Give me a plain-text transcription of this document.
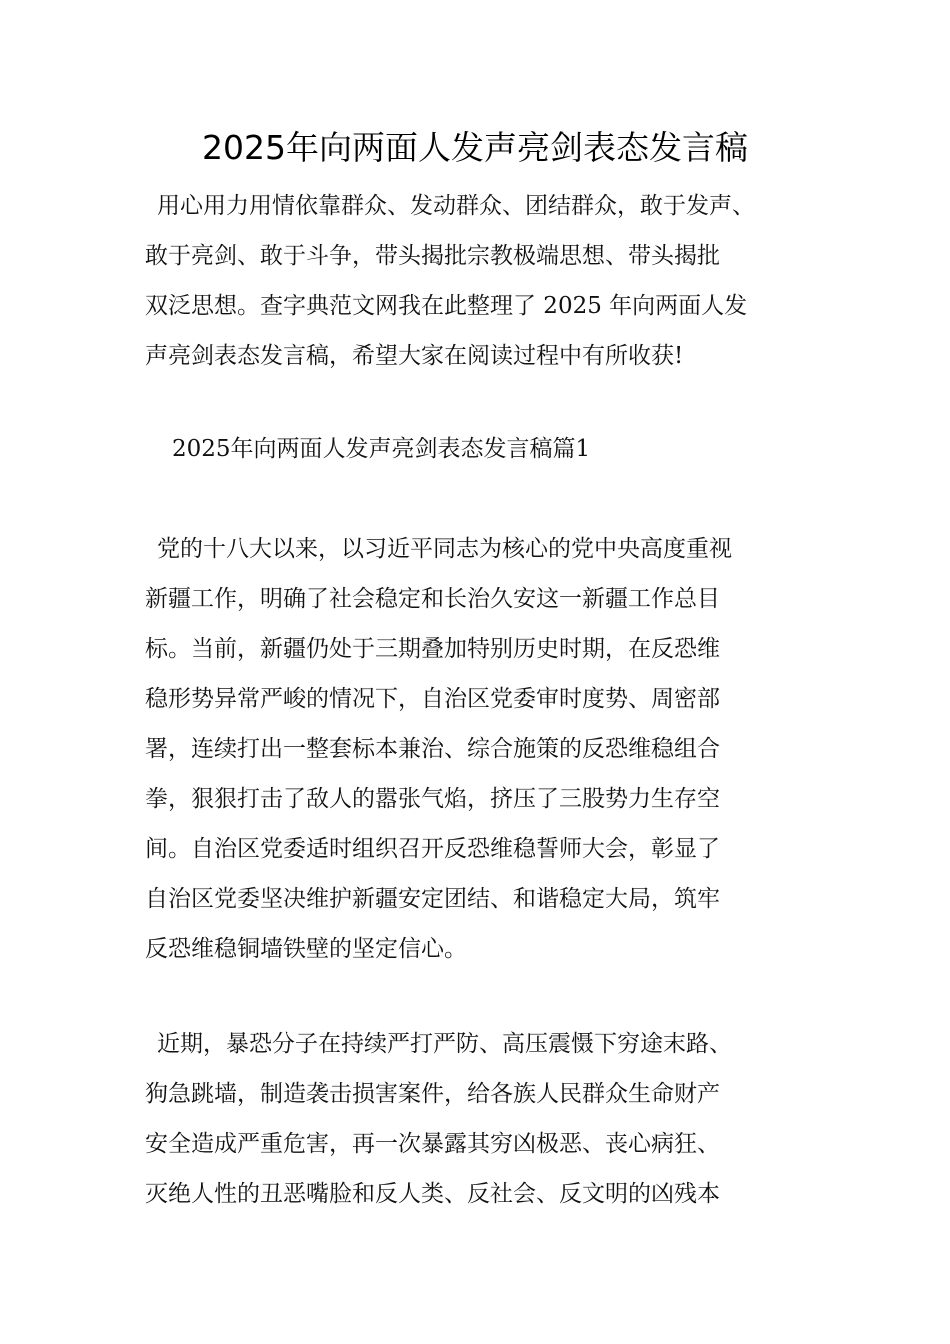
2025年向两面人发声亮剑表态发言稿
用心用力用情依靠群众、发动群众、团结群众，敢于发声、
敢于亮剑、敢于斗争，带头揭批宗教极端思想、带头揭批
双泛思想。查字典范文网我在此整理了 2025 年向两面人发
声亮剑表态发言稿，希望大家在阅读过程中有所收获!
2025年向两面人发声亮剑表态发言稿篇1
党的十八大以来，以习近平同志为核心的党中央高度重视
新疆工作，明确了社会稳定和长治久安这一新疆工作总目
标。当前，新疆仍处于三期叠加特别历史时期，在反恐维
稳形势异常严峻的情况下，自治区党委审时度势、周密部
署，连续打出一整套标本兼治、综合施策的反恐维稳组合
拳，狠狠打击了敌人的嚣张气焰，挤压了三股势力生存空
间。自治区党委适时组织召开反恐维稳誓师大会，彰显了
自治区党委坚决维护新疆安定团结、和谐稳定大局，筑牢
反恐维稳铜墙铁壁的坚定信心。
近期，暴恐分子在持续严打严防、高压震慑下穷途末路、
狗急跳墙，制造袭击损害案件，给各族人民群众生命财产
安全造成严重危害，再一次暴露其穷凶极恶、丧心病狂、
灭绝人性的丑恶嘴脸和反人类、反社会、反文明的凶残本
